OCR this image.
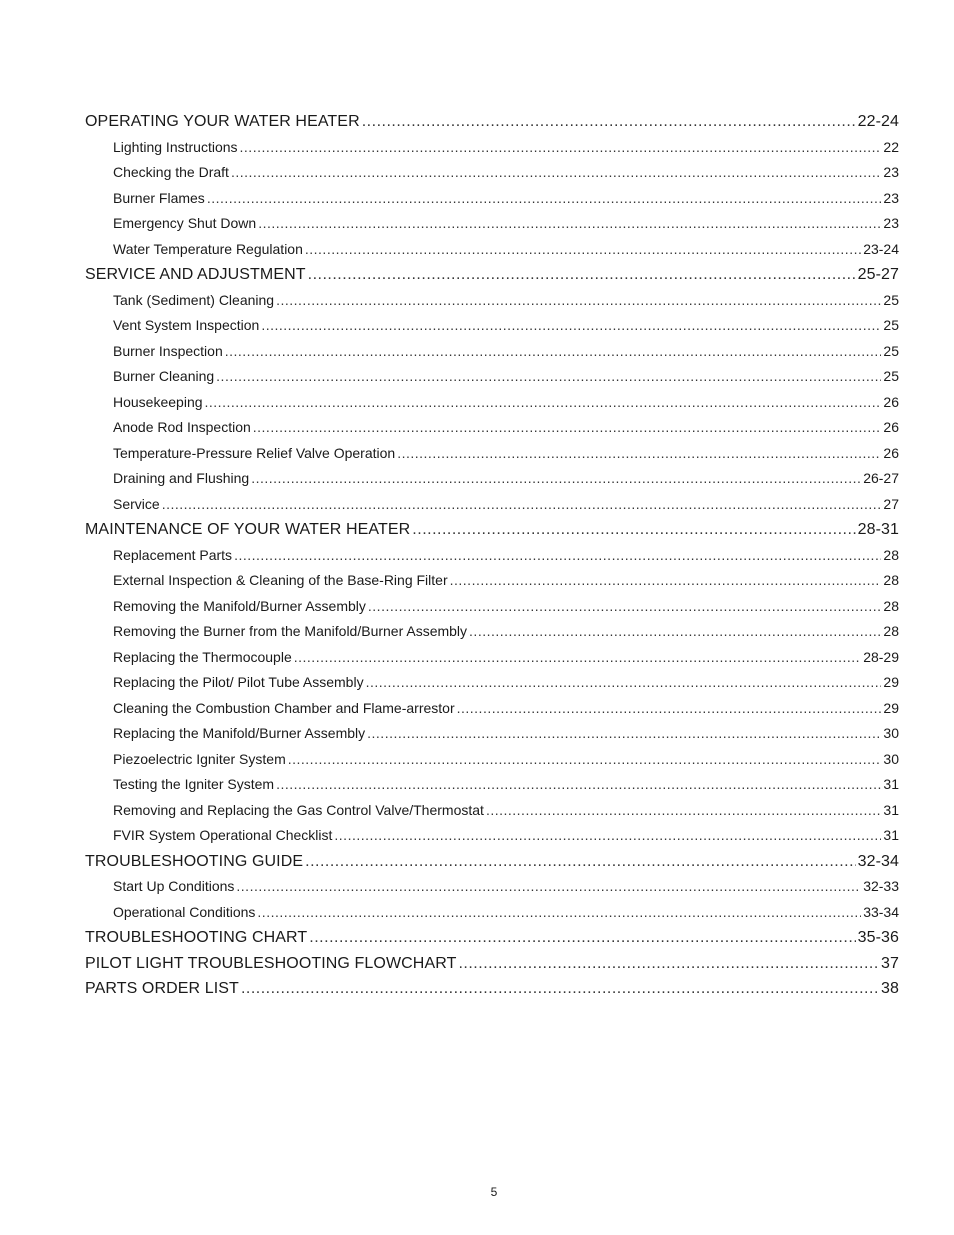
OPERATING YOUR WATER HEATER .....	22-24
Lighting Instructions .....	22
Checking the Draft .....	23
Burner Flames .....	23
Emergency Shut Down .....	23
Water Temperature Regulation .....	23-24
SERVICE AND ADJUSTMENT .....	25-27
Tank (Sediment) Cleaning .....	25
Vent System Inspection .....	25
Burner Inspection .....	25
Burner Cleaning .....	25
Housekeeping .....	26
Anode Rod Inspection .....	26
Temperature-Pressure Relief Valve Operation .....	26
Draining and Flushing .....	26-27
Service .....	27
MAINTENANCE OF YOUR WATER HEATER .....	28-31
Replacement Parts .....	28
External Inspection & Cleaning of the Base-Ring Filter .....	28
Removing the Manifold/Burner Assembly .....	28
Removing the Burner from the Manifold/Burner Assembly .....	28
Replacing the Thermocouple .....	28-29
Replacing the Pilot/ Pilot Tube Assembly .....	29
Cleaning the Combustion Chamber and Flame-arrestor .....	29
Replacing the Manifold/Burner Assembly .....	30
Piezoelectric Igniter System .....	30
Testing the Igniter System .....	31
Removing and Replacing the Gas Control Valve/Thermostat .....	31
FVIR System Operational Checklist .....	31
TROUBLESHOOTING GUIDE .....	32-34
Start Up Conditions .....	32-33
Operational Conditions .....	33-34
TROUBLESHOOTING CHART .....	35-36
PILOT LIGHT TROUBLESHOOTING FLOWCHART .....	37
PARTS ORDER LIST .....	38
5
